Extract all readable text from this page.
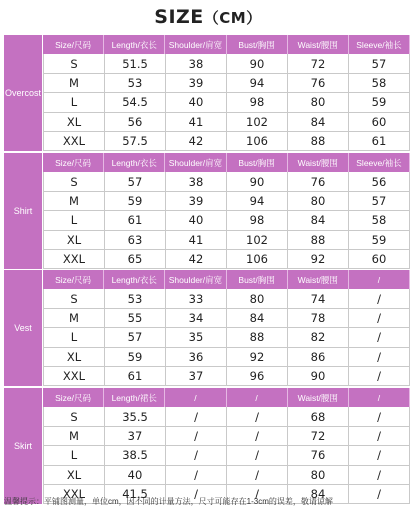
SIZE（CM）
Overcost
Size/尺码	Length/衣长	Shoulder/肩宽	Bust/胸围	Waist/腰围	Sleeve/袖长
S	51.5	38	90	72	57
M	53	39	94	76	58
L	54.5	40	98	80	59
XL	56	41	102	84	60
XXL	57.5	42	106	88	61
Shirt
Size/尺码	Length/衣长	Shoulder/肩宽	Bust/胸围	Waist/腰围	Sleeve/袖长
S	57	38	90	76	56
M	59	39	94	80	57
L	61	40	98	84	58
XL	63	41	102	88	59
XXL	65	42	106	92	60
Vest
Size/尺码	Length/衣长	Shoulder/肩宽	Bust/胸围	Waist/腰围	/
S	53	33	80	74	/
M	55	34	84	78	/
L	57	35	88	82	/
XL	59	36	92	86	/
XXL	61	37	96	90	/
Skirt
Size/尺码	Length/裙长	/	/	Waist/腰围	/
S	35.5	/	/	68	/
M	37	/	/	72	/
L	38.5	/	/	76	/
XL	40	/	/	80	/
XXL	41.5	/	/	84	/
温馨提示：平铺图测量，单位cm，因不同的计量方法，尺寸可能存在1-3cm的误差，敬请谅解
